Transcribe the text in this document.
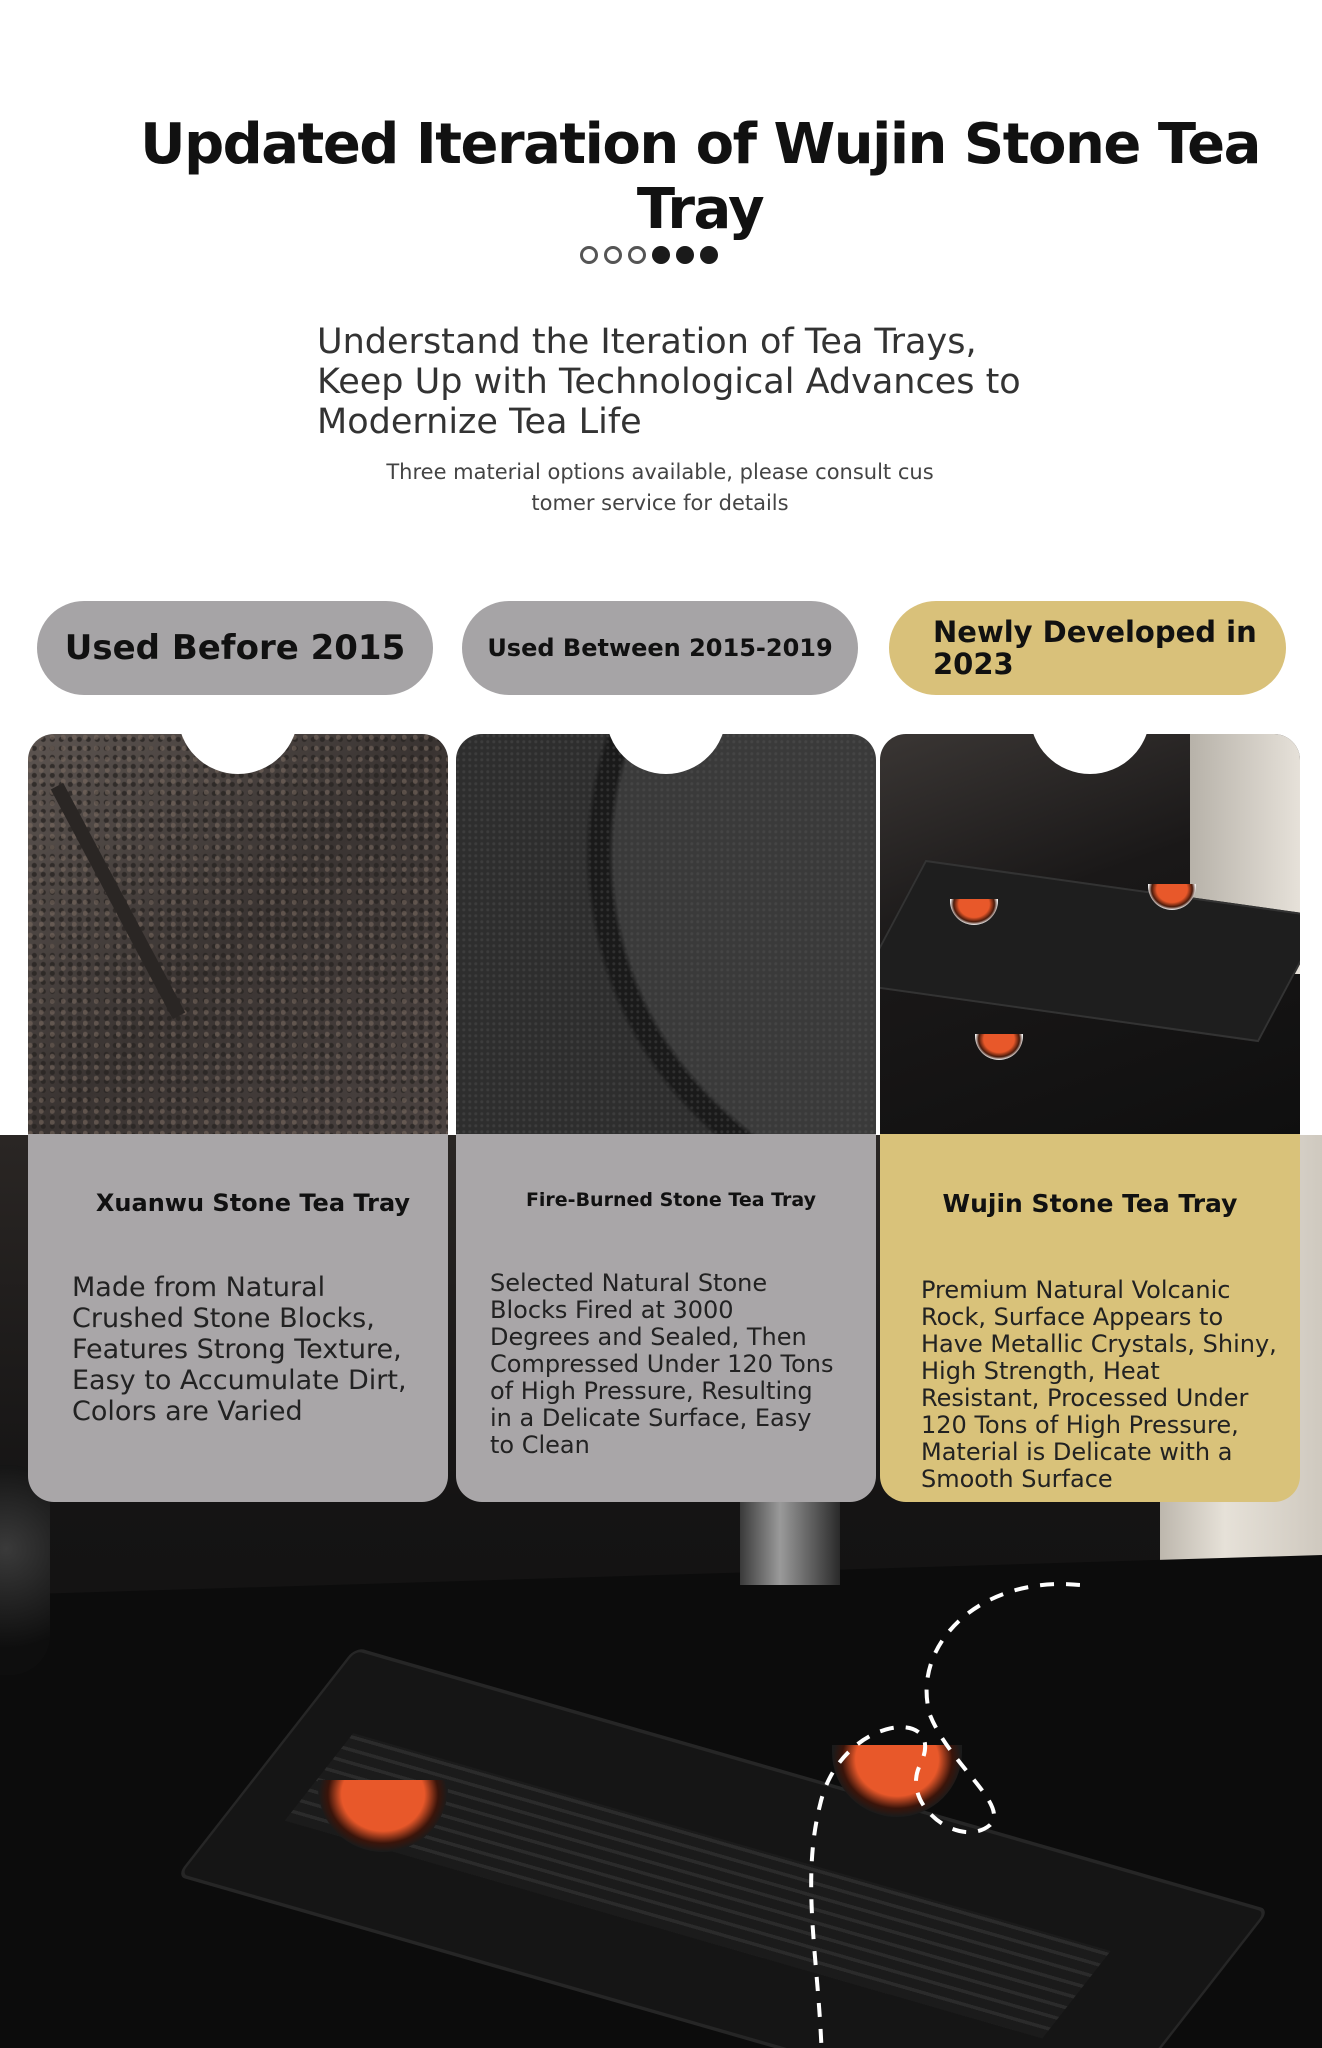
Updated Iteration of Wujin Stone Tea Tray
Understand the Iteration of Tea Trays,
Keep Up with Technological Advances to
Modernize Tea Life
Three material options available, please consult cus
tomer service for details
Used Before 2015	Used Between 2015-2019	Newly Developed in 2023
Xuanwu Stone Tea Tray
Made from Natural Crushed Stone Blocks, Features Strong Texture, Easy to Accumulate Dirt, Colors are Varied
Fire-Burned Stone Tea Tray
Selected Natural Stone Blocks Fired at 3000 Degrees and Sealed, Then Compressed Under 120 Tons of High Pressure, Resulting in a Delicate Surface, Easy to Clean
Wujin Stone Tea Tray
Premium Natural Volcanic Rock, Surface Appears to Have Metallic Crystals, Shiny, High Strength, Heat Resistant, Processed Under 120 Tons of High Pressure, Material is Delicate with a Smooth Surface
